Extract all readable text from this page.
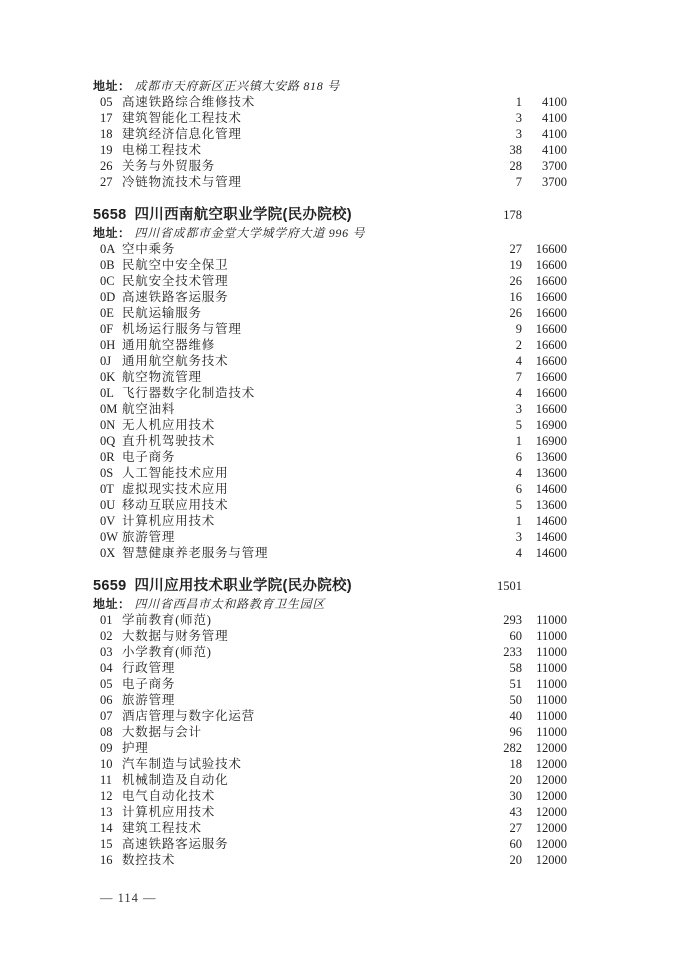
地址： 成都市天府新区正兴镇大安路 818 号
05 高速铁路综合维修技术	1	4100
17 建筑智能化工程技术	3	4100
18 建筑经济信息化管理	3	4100
19 电梯工程技术	38	4100
26 关务与外贸服务	28	3700
27 冷链物流技术与管理	7	3700
5658 四川西南航空职业学院(民办院校)	178
地址： 四川省成都市金堂大学城学府大道 996 号
0A 空中乘务	27	16600
0B 民航空中安全保卫	19	16600
0C 民航安全技术管理	26	16600
0D 高速铁路客运服务	16	16600
0E 民航运输服务	26	16600
0F 机场运行服务与管理	9	16600
0H 通用航空器维修	2	16600
0J 通用航空航务技术	4	16600
0K 航空物流管理	7	16600
0L 飞行器数字化制造技术	4	16600
0M 航空油料	3	16600
0N 无人机应用技术	5	16900
0Q 直升机驾驶技术	1	16900
0R 电子商务	6	13600
0S 人工智能技术应用	4	13600
0T 虚拟现实技术应用	6	14600
0U 移动互联应用技术	5	13600
0V 计算机应用技术	1	14600
0W 旅游管理	3	14600
0X 智慧健康养老服务与管理	4	14600
5659 四川应用技术职业学院(民办院校)	1501
地址： 四川省西昌市太和路教育卫生园区
01 学前教育(师范)	293	11000
02 大数据与财务管理	60	11000
03 小学教育(师范)	233	11000
04 行政管理	58	11000
05 电子商务	51	11000
06 旅游管理	50	11000
07 酒店管理与数字化运营	40	11000
08 大数据与会计	96	11000
09 护理	282	12000
10 汽车制造与试验技术	18	12000
11 机械制造及自动化	20	12000
12 电气自动化技术	30	12000
13 计算机应用技术	43	12000
14 建筑工程技术	27	12000
15 高速铁路客运服务	60	12000
16 数控技术	20	12000
— 114 —
